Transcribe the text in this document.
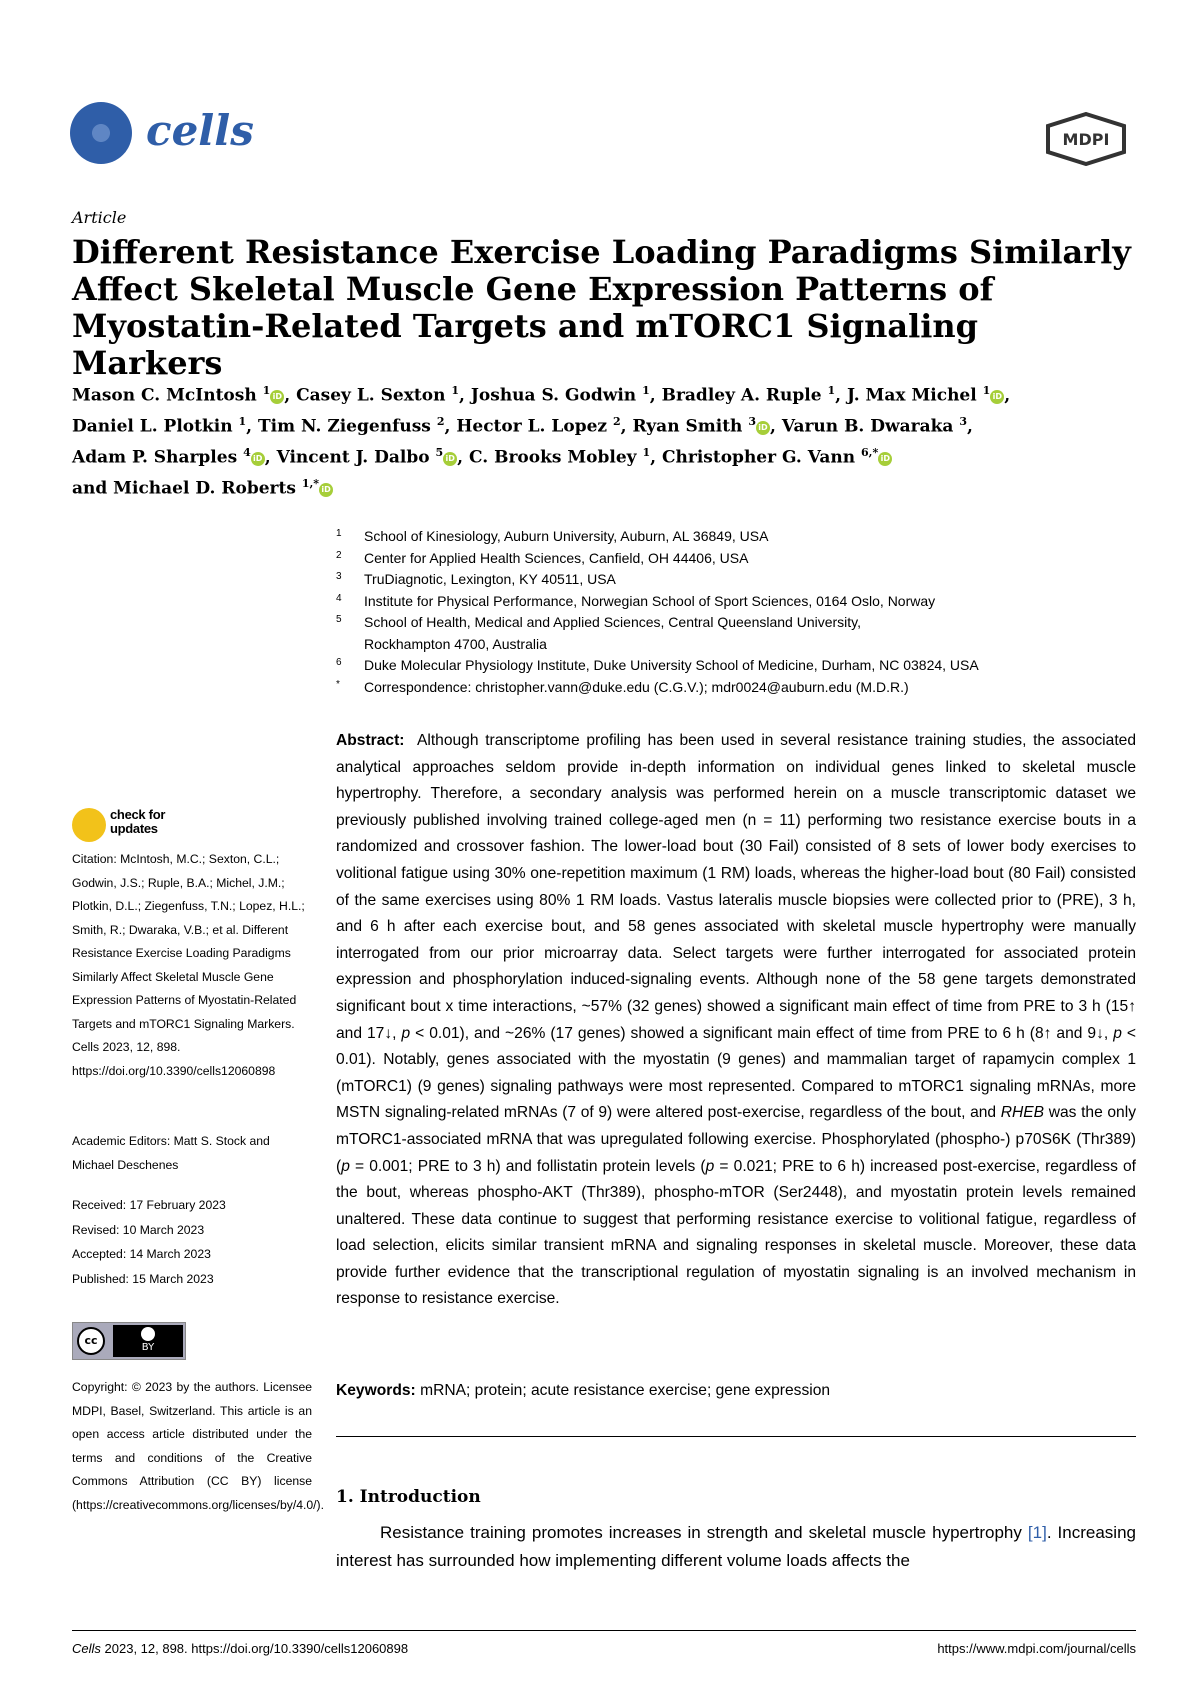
cells	MDPI
Article
Different Resistance Exercise Loading Paradigms Similarly Affect Skeletal Muscle Gene Expression Patterns of Myostatin-Related Targets and mTORC1 Signaling Markers
Mason C. McIntosh $^1$ iD , Casey L. Sexton $^1$, Joshua S. Godwin $^1$, Bradley A. Ruple $^1$, J. Max Michel $^1$ iD ,
Daniel L. Plotkin $^1$, Tim N. Ziegenfuss $^2$, Hector L. Lopez $^2$, Ryan Smith $^3$ iD , Varun B. Dwaraka $^3$,
Adam P. Sharples $^4$ iD , Vincent J. Dalbo $^5$ iD , C. Brooks Mobley $^1$, Christopher G. Vann $^{6,*}$ iD
and Michael D. Roberts $^{1,*}$ iD
1 School of Kinesiology, Auburn University, Auburn, AL 36849, USA
2 Center for Applied Health Sciences, Canfield, OH 44406, USA
3 TruDiagnotic, Lexington, KY 40511, USA
4 Institute for Physical Performance, Norwegian School of Sport Sciences, 0164 Oslo, Norway
5 School of Health, Medical and Applied Sciences, Central Queensland University, Rockhampton 4700, Australia
6 Duke Molecular Physiology Institute, Duke University School of Medicine, Durham, NC 03824, USA
* Correspondence: christopher.vann@duke.edu (C.G.V.); mdr0024@auburn.edu (M.D.R.)
check for updates
Citation: McIntosh, M.C.; Sexton, C.L.; Godwin, J.S.; Ruple, B.A.; Michel, J.M.; Plotkin, D.L.; Ziegenfuss, T.N.; Lopez, H.L.; Smith, R.; Dwaraka, V.B.; et al. Different Resistance Exercise Loading Paradigms Similarly Affect Skeletal Muscle Gene Expression Patterns of Myostatin-Related Targets and mTORC1 Signaling Markers. Cells 2023, 12, 898. https://doi.org/10.3390/cells12060898
Academic Editors: Matt S. Stock and Michael Deschenes
Received: 17 February 2023
Revised: 10 March 2023
Accepted: 14 March 2023
Published: 15 March 2023
cc
BY
Copyright: © 2023 by the authors. Licensee MDPI, Basel, Switzerland. This article is an open access article distributed under the terms and conditions of the Creative Commons Attribution (CC BY) license (https://creativecommons.org/licenses/by/4.0/).
Abstract: Although transcriptome profiling has been used in several resistance training studies, the associated analytical approaches seldom provide in-depth information on individual genes linked to skeletal muscle hypertrophy. Therefore, a secondary analysis was performed herein on a muscle transcriptomic dataset we previously published involving trained college-aged men (n = 11) performing two resistance exercise bouts in a randomized and crossover fashion. The lower-load bout (30 Fail) consisted of 8 sets of lower body exercises to volitional fatigue using 30% one-repetition maximum (1 RM) loads, whereas the higher-load bout (80 Fail) consisted of the same exercises using 80% 1 RM loads. Vastus lateralis muscle biopsies were collected prior to (PRE), 3 h, and 6 h after each exercise bout, and 58 genes associated with skeletal muscle hypertrophy were manually interrogated from our prior microarray data. Select targets were further interrogated for associated protein expression and phosphorylation induced-signaling events. Although none of the 58 gene targets demonstrated significant bout x time interactions, ~57% (32 genes) showed a significant main effect of time from PRE to 3 h (15↑ and 17↓, p < 0.01), and ~26% (17 genes) showed a significant main effect of time from PRE to 6 h (8↑ and 9↓, p < 0.01). Notably, genes associated with the myostatin (9 genes) and mammalian target of rapamycin complex 1 (mTORC1) (9 genes) signaling pathways were most represented. Compared to mTORC1 signaling mRNAs, more MSTN signaling-related mRNAs (7 of 9) were altered post-exercise, regardless of the bout, and RHEB was the only mTORC1-associated mRNA that was upregulated following exercise. Phosphorylated (phospho-) p70S6K (Thr389) (p = 0.001; PRE to 3 h) and follistatin protein levels (p = 0.021; PRE to 6 h) increased post-exercise, regardless of the bout, whereas phospho-AKT (Thr389), phospho-mTOR (Ser2448), and myostatin protein levels remained unaltered. These data continue to suggest that performing resistance exercise to volitional fatigue, regardless of load selection, elicits similar transient mRNA and signaling responses in skeletal muscle. Moreover, these data provide further evidence that the transcriptional regulation of myostatin signaling is an involved mechanism in response to resistance exercise.
Keywords: mRNA; protein; acute resistance exercise; gene expression
1. Introduction
Resistance training promotes increases in strength and skeletal muscle hypertrophy [1]. Increasing interest has surrounded how implementing different volume loads affects the
Cells 2023, 12, 898. https://doi.org/10.3390/cells12060898	https://www.mdpi.com/journal/cells
